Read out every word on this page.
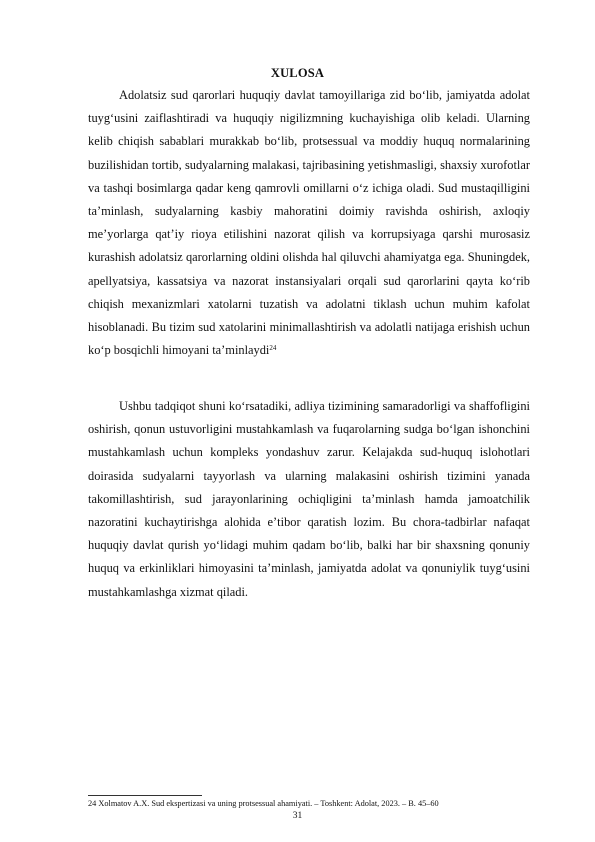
XULOSA

Adolatsiz sud qarorlari huquqiy davlat tamoyillariga zid boʻlib, jamiyatda adolat tuygʻusini zaiflashtiradi va huquqiy nigilizmning kuchayishiga olib keladi. Ularning kelib chiqish sabablari murakkab boʻlib, protsessual va moddiy huquq normalarining buzilishidan tortib, sudyalarning malakasi, tajribasining yetishmasligi, shaxsiy xurofotlar va tashqi bosimlarga qadar keng qamrovli omillarni oʻz ichiga oladi. Sud mustaqilligini taʼminlash, sudyalarning kasbiy mahoratini doimiy ravishda oshirish, axloqiy meʼyorlarga qatʼiy rioya etilishini nazorat qilish va korrupsiyaga qarshi murosasiz kurashish adolatsiz qarorlarning oldini olishda hal qiluvchi ahamiyatga ega. Shuningdek, apellyatsiya, kassatsiya va nazorat instansiyalari orqali sud qarorlarini qayta koʻrib chiqish mexanizmlari xatolarni tuzatish va adolatni tiklash uchun muhim kafolat hisoblanadi. Bu tizim sud xatolarini minimallashtirish va adolatli natijaga erishish uchun koʻp bosqichli himoyani taʼminlaydi$^{24}$

Ushbu tadqiqot shuni koʻrsatadiki, adliya tizimining samaradorligi va shaffofligini oshirish, qonun ustuvorligini mustahkamlash va fuqarolarning sudga boʻlgan ishonchini mustahkamlash uchun kompleks yondashuv zarur. Kelajakda sud-huquq islohotlari doirasida sudyalarni tayyorlash va ularning malakasini oshirish tizimini yanada takomillashtirish, sud jarayonlarining ochiqligini taʼminlash hamda jamoatchilik nazoratini kuchaytirishga alohida eʼtibor qaratish lozim. Bu chora-tadbirlar nafaqat huquqiy davlat qurish yoʻlidagi muhim qadam boʻlib, balki har bir shaxsning qonuniy huquq va erkinliklari himoyasini taʼminlash, jamiyatda adolat va qonuniylik tuygʻusini mustahkamlashga xizmat qiladi.

24 Xolmatov A.X. Sud ekspertizasi va uning protsessual ahamiyati. – Toshkent: Adolat, 2023. – B. 45–60
31
